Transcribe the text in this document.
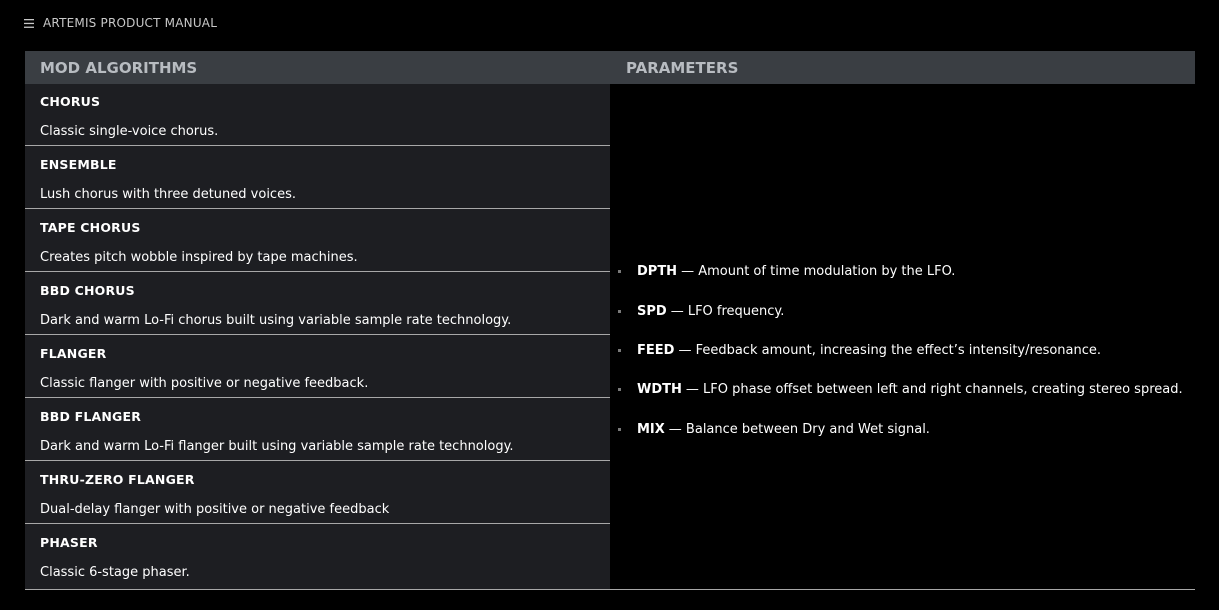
ARTEMIS PRODUCT MANUAL
MOD ALGORITHMS	PARAMETERS
CHORUS
Classic single-voice chorus.
ENSEMBLE
Lush chorus with three detuned voices.
TAPE CHORUS
Creates pitch wobble inspired by tape machines.
BBD CHORUS
Dark and warm Lo-Fi chorus built using variable sample rate technology.
FLANGER
Classic flanger with positive or negative feedback.
BBD FLANGER
Dark and warm Lo-Fi flanger built using variable sample rate technology.
THRU-ZERO FLANGER
Dual-delay flanger with positive or negative feedback
PHASER
Classic 6-stage phaser.
DPTH — Amount of time modulation by the LFO.
SPD — LFO frequency.
FEED — Feedback amount, increasing the effect’s intensity/resonance.
WDTH — LFO phase offset between left and right channels, creating stereo spread.
MIX — Balance between Dry and Wet signal.
